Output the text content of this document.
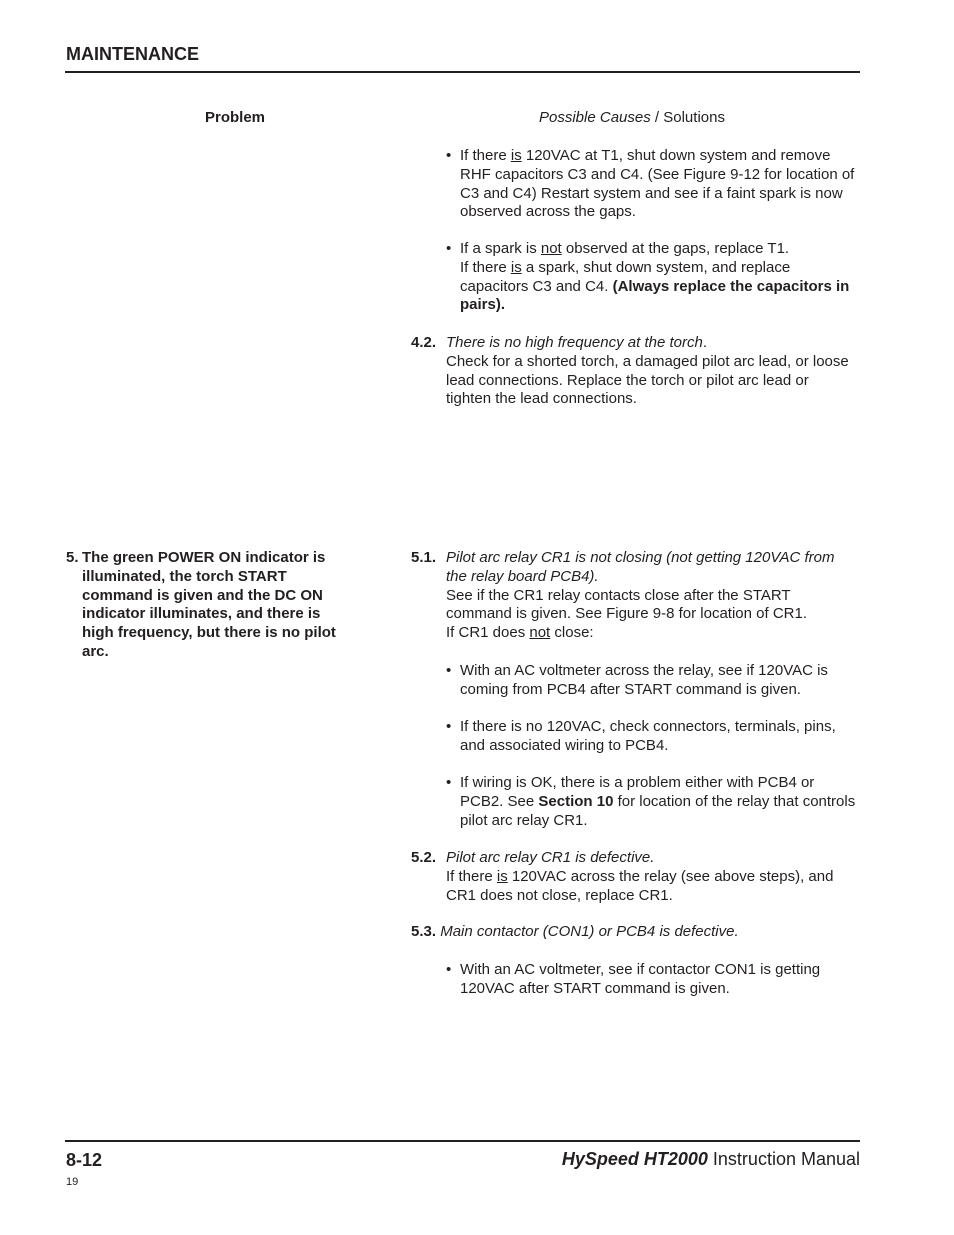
MAINTENANCE
Problem	Possible Causes / Solutions
• If there is 120VAC at T1, shut down system and remove RHF capacitors C3 and C4. (See Figure 9-12 for location of C3 and C4) Restart system and see if a faint spark is now observed across the gaps.
• If a spark is not observed at the gaps, replace T1.
If there is a spark, shut down system, and replace capacitors C3 and C4. (Always replace the capacitors in pairs).
4.2. There is no high frequency at the torch.
Check for a shorted torch, a damaged pilot arc lead, or loose lead connections. Replace the torch or pilot arc lead or tighten the lead connections.
5. The green POWER ON indicator is illuminated, the torch START command is given and the DC ON indicator illuminates, and there is high frequency, but there is no pilot arc.
5.1. Pilot arc relay CR1 is not closing (not getting 120VAC from the relay board PCB4).
See if the CR1 relay contacts close after the START command is given. See Figure 9-8 for location of CR1.
If CR1 does not close:
• With an AC voltmeter across the relay, see if 120VAC is coming from PCB4 after START command is given.
• If there is no 120VAC, check connectors, terminals, pins, and associated wiring to PCB4.
• If wiring is OK, there is a problem either with PCB4 or PCB2. See Section 10 for location of the relay that controls pilot arc relay CR1.
5.2. Pilot arc relay CR1 is defective.
If there is 120VAC across the relay (see above steps), and CR1 does not close, replace CR1.
5.3. Main contactor (CON1) or PCB4 is defective.
• With an AC voltmeter, see if contactor CON1 is getting 120VAC after START command is given.
8-12	HySpeed HT2000 Instruction Manual
19
